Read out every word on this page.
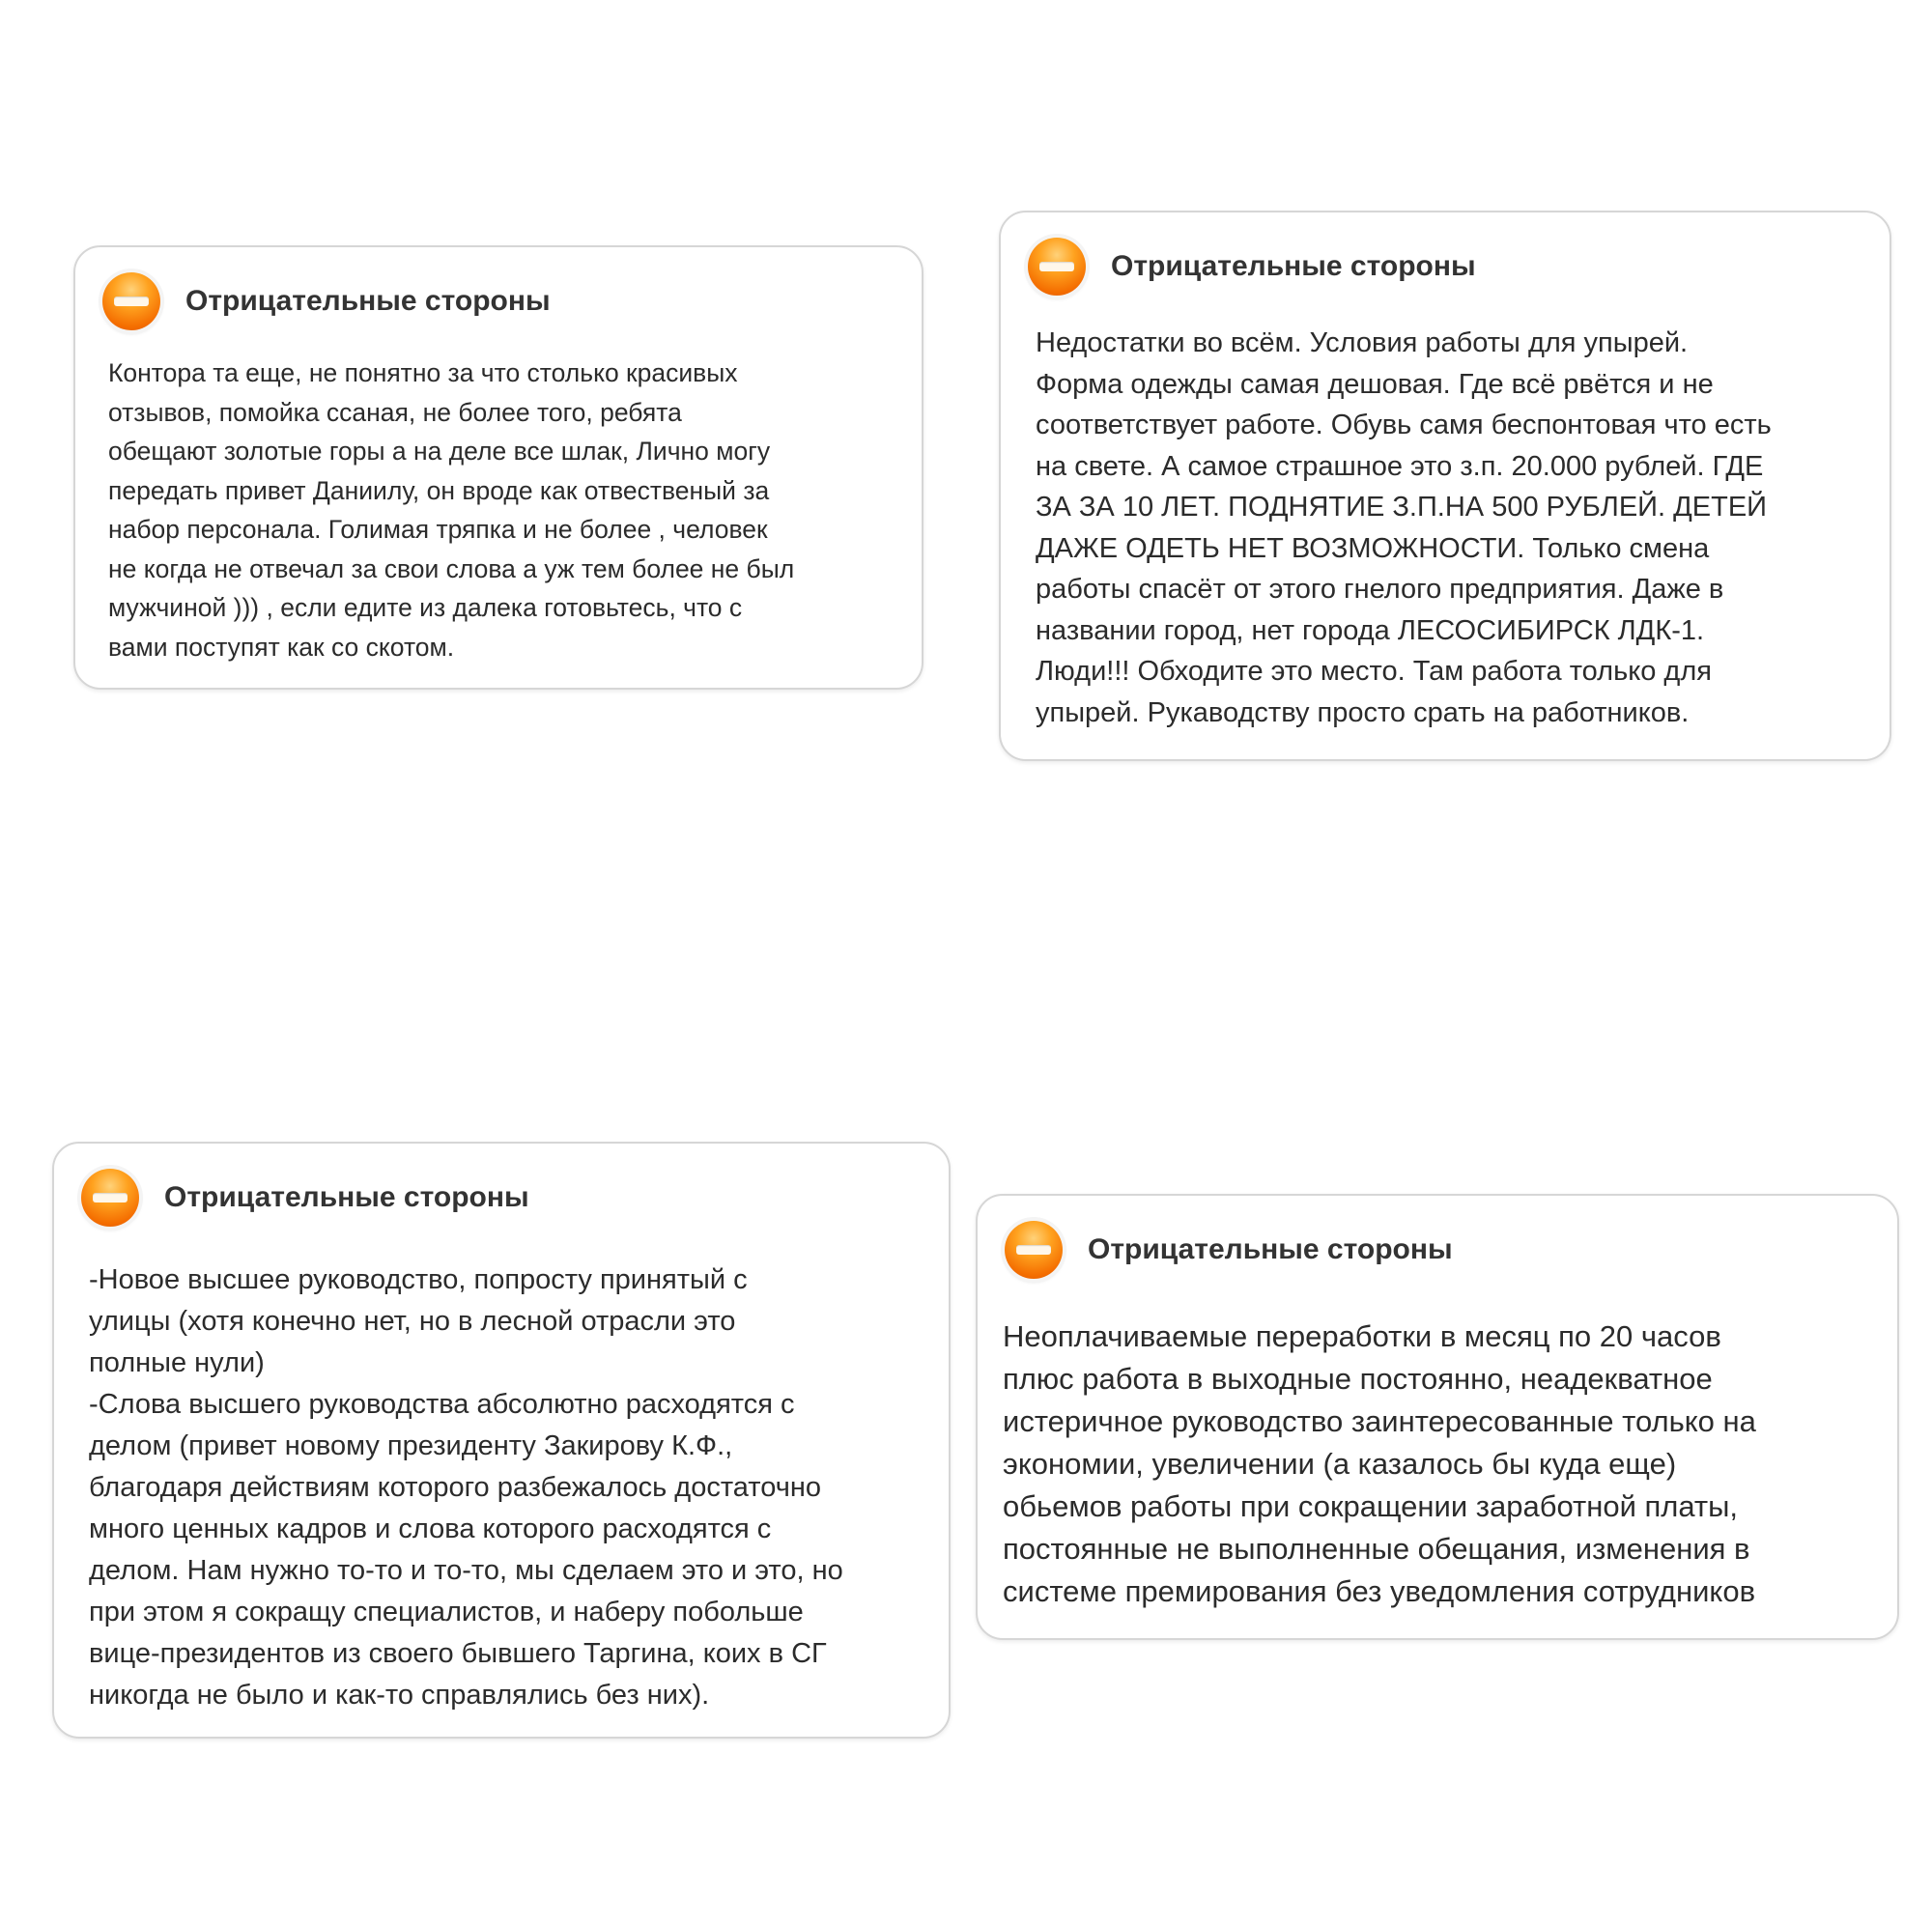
Отрицательные стороны

Контора та еще, не понятно за что столько красивых
отзывов, помойка ссаная, не более того, ребята
обещают золотые горы а на деле все шлак, Лично могу
передать привет Даниилу, он вроде как отвественый за
набор персонала. Голимая тряпка и не более , человек
не когда не отвечал за свои слова а уж тем более не был
мужчиной ))) , если едите из далека готовьтесь, что с
вами поступят как со скотом.

Отрицательные стороны

Недостатки во всём. Условия работы для упырей.
Форма одежды самая дешовая. Где всё рвётся и не
соответствует работе. Обувь самя беспонтовая что есть
на свете. А самое страшное это з.п. 20.000 рублей. ГДЕ
ЗА ЗА 10 ЛЕТ. ПОДНЯТИЕ З.П.НА 500 РУБЛЕЙ. ДЕТЕЙ
ДАЖЕ ОДЕТЬ НЕТ ВОЗМОЖНОСТИ. Только смена
работы спасёт от этого гнелого предприятия. Даже в
названии город, нет города ЛЕСОСИБИРСК ЛДК-1.
Люди!!! Обходите это место. Там работа только для
упырей. Рукаводству просто срать на работников.

Отрицательные стороны

-Новое высшее руководство, попросту принятый с
улицы (хотя конечно нет, но в лесной отрасли это
полные нули)
-Слова высшего руководства абсолютно расходятся с
делом (привет новому президенту Закирову К.Ф.,
благодаря действиям которого разбежалось достаточно
много ценных кадров и слова которого расходятся с
делом. Нам нужно то-то и то-то, мы сделаем это и это, но
при этом я сокращу специалистов, и наберу побольше
вице-президентов из своего бывшего Таргина, коих в СГ
никогда не было и как-то справлялись без них).

Отрицательные стороны

Неоплачиваемые переработки в месяц по 20 часов
плюс работа в выходные постоянно, неадекватное
истеричное руководство заинтересованные только на
экономии, увеличении (а казалось бы куда еще)
обьемов работы при сокращении заработной платы,
постоянные не выполненные обещания, изменения в
системе премирования без уведомления сотрудников
